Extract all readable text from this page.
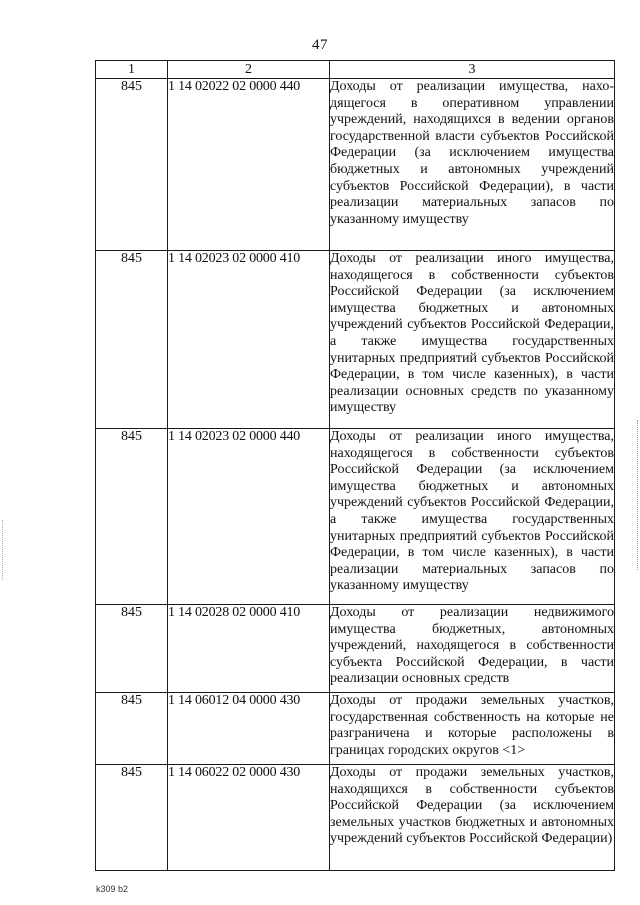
47
1	2	3
845	1 14 02022 02 0000 440	Доходы от реализации имущества, находящегося в оперативном управлении учреждений, находящихся в ведении органов государственной власти субъектов Российской Федерации (за исключением имущества бюджетных и автономных учреждений субъектов Российской Федерации), в части реализации материальных запасов по указанному имуществу
845	1 14 02023 02 0000 410	Доходы от реализации иного имущества, находящегося в собственности субъектов Российской Федерации (за исключением имущества бюджетных и автономных учреждений субъектов Российской Федерации, а также имущества государственных унитарных предприятий субъектов Российской Федерации, в том числе казенных), в части реализации основных средств по указанному имуществу
845	1 14 02023 02 0000 440	Доходы от реализации иного имущества, находящегося в собственности субъектов Российской Федерации (за исключением имущества бюджетных и автономных учреждений субъектов Российской Федерации, а также имущества государственных унитарных предприятий субъектов Российской Федерации, в том числе казенных), в части реализации материальных запасов по указанному имуществу
845	1 14 02028 02 0000 410	Доходы от реализации недвижимого имущества бюджетных, автономных учреждений, находящегося в собственности субъекта Российской Федерации, в части реализации основных средств
845	1 14 06012 04 0000 430	Доходы от продажи земельных участков, государственная собственность на которые не разграничена и которые расположены в границах городских округов <1>
845	1 14 06022 02 0000 430	Доходы от продажи земельных участков, находящихся в собственности субъектов Российской Федерации (за исключением земельных участков бюджетных и автономных учреждений субъектов Российской Федерации)
k309 b2
